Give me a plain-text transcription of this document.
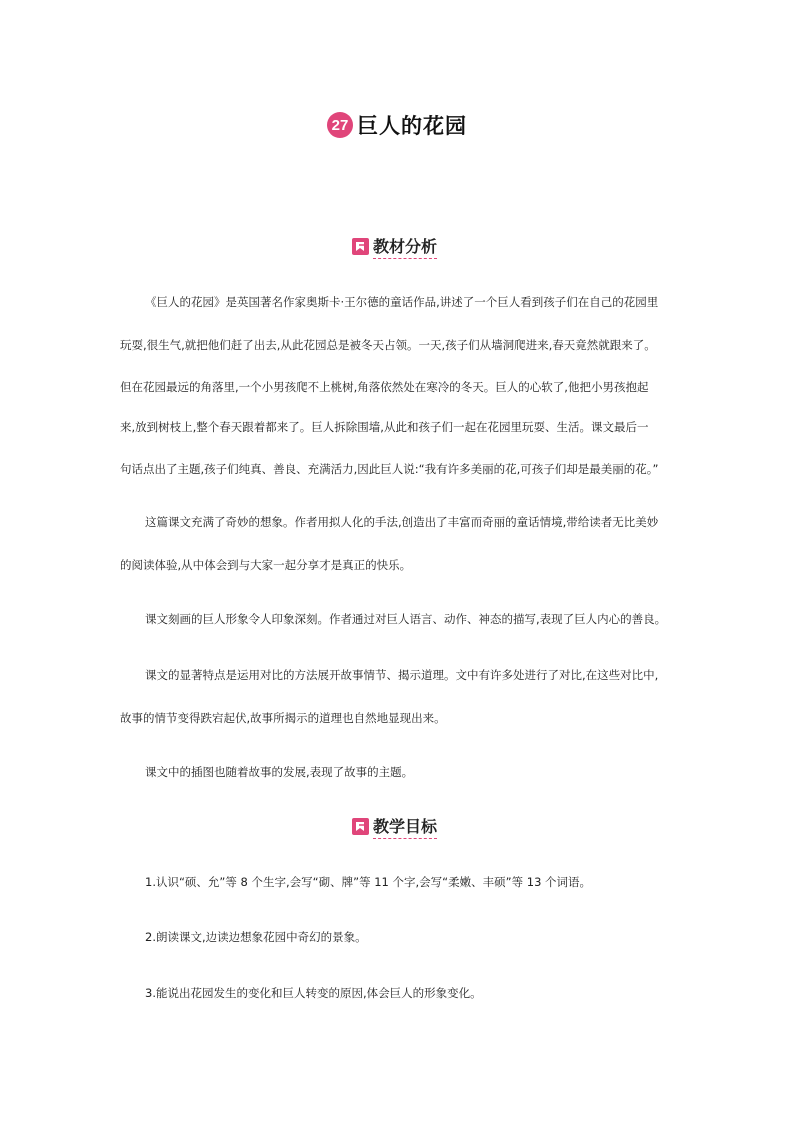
27 巨人的花园
教材分析
《巨人的花园》是英国著名作家奥斯卡·王尔德的童话作品,讲述了一个巨人看到孩子们在自己的花园里
玩耍,很生气,就把他们赶了出去,从此花园总是被冬天占领。一天,孩子们从墙洞爬进来,春天竟然就跟来了。
但在花园最远的角落里,一个小男孩爬不上桃树,角落依然处在寒冷的冬天。巨人的心软了,他把小男孩抱起
来,放到树枝上,整个春天跟着都来了。巨人拆除围墙,从此和孩子们一起在花园里玩耍、生活。课文最后一
句话点出了主题,孩子们纯真、善良、充满活力,因此巨人说:“我有许多美丽的花,可孩子们却是最美丽的花。”
这篇课文充满了奇妙的想象。作者用拟人化的手法,创造出了丰富而奇丽的童话情境,带给读者无比美妙
的阅读体验,从中体会到与大家一起分享才是真正的快乐。
课文刻画的巨人形象令人印象深刻。作者通过对巨人语言、动作、神态的描写,表现了巨人内心的善良。
课文的显著特点是运用对比的方法展开故事情节、揭示道理。文中有许多处进行了对比,在这些对比中,
故事的情节变得跌宕起伏,故事所揭示的道理也自然地显现出来。
课文中的插图也随着故事的发展,表现了故事的主题。
教学目标
1.认识“硕、允”等 8 个生字,会写“砌、牌”等 11 个字,会写“柔嫩、丰硕”等 13 个词语。
2.朗读课文,边读边想象花园中奇幻的景象。
3.能说出花园发生的变化和巨人转变的原因,体会巨人的形象变化。
